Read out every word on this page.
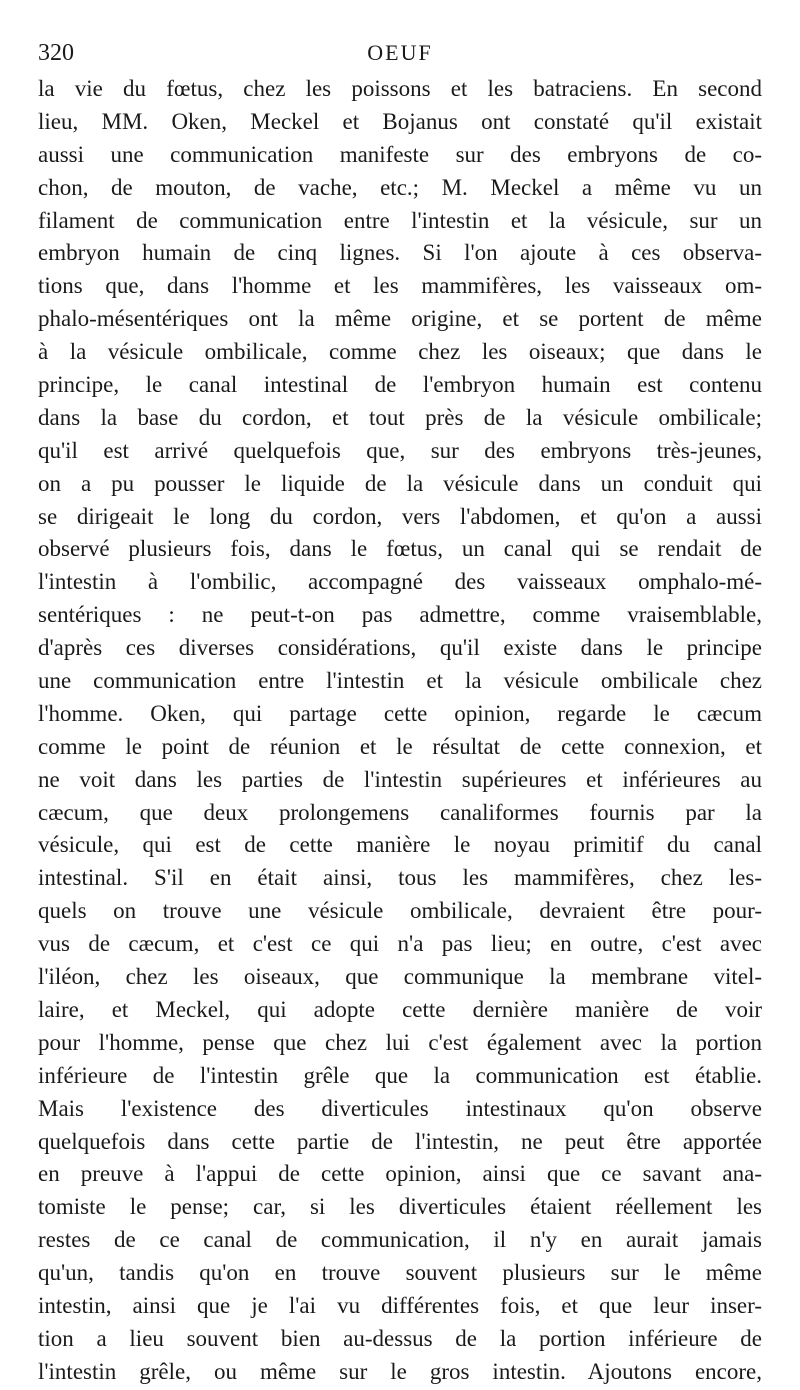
320	OEUF
la vie du fœtus, chez les poissons et les batraciens. En second
lieu, MM. Oken, Meckel et Bojanus ont constaté qu'il existait
aussi une communication manifeste sur des embryons de co-
chon, de mouton, de vache, etc.; M. Meckel a même vu un
filament de communication entre l'intestin et la vésicule, sur un
embryon humain de cinq lignes. Si l'on ajoute à ces observa-
tions que, dans l'homme et les mammifères, les vaisseaux om-
phalo-mésentériques ont la même origine, et se portent de même
à la vésicule ombilicale, comme chez les oiseaux; que dans le
principe, le canal intestinal de l'embryon humain est contenu
dans la base du cordon, et tout près de la vésicule ombilicale;
qu'il est arrivé quelquefois que, sur des embryons très-jeunes,
on a pu pousser le liquide de la vésicule dans un conduit qui
se dirigeait le long du cordon, vers l'abdomen, et qu'on a aussi
observé plusieurs fois, dans le fœtus, un canal qui se rendait de
l'intestin à l'ombilic, accompagné des vaisseaux omphalo-mé-
sentériques : ne peut-t-on pas admettre, comme vraisemblable,
d'après ces diverses considérations, qu'il existe dans le principe
une communication entre l'intestin et la vésicule ombilicale chez
l'homme. Oken, qui partage cette opinion, regarde le cæcum
comme le point de réunion et le résultat de cette connexion, et
ne voit dans les parties de l'intestin supérieures et inférieures au
cæcum, que deux prolongemens canaliformes fournis par la
vésicule, qui est de cette manière le noyau primitif du canal
intestinal. S'il en était ainsi, tous les mammifères, chez les-
quels on trouve une vésicule ombilicale, devraient être pour-
vus de cæcum, et c'est ce qui n'a pas lieu; en outre, c'est avec
l'iléon, chez les oiseaux, que communique la membrane vitel-
laire, et Meckel, qui adopte cette dernière manière de voir
pour l'homme, pense que chez lui c'est également avec la portion
inférieure de l'intestin grêle que la communication est établie.
Mais l'existence des diverticules intestinaux qu'on observe
quelquefois dans cette partie de l'intestin, ne peut être apportée
en preuve à l'appui de cette opinion, ainsi que ce savant ana-
tomiste le pense; car, si les diverticules étaient réellement les
restes de ce canal de communication, il n'y en aurait jamais
qu'un, tandis qu'on en trouve souvent plusieurs sur le même
intestin, ainsi que je l'ai vu différentes fois, et que leur inser-
tion a lieu souvent bien au-dessus de la portion inférieure de
l'intestin grêle, ou même sur le gros intestin. Ajoutons encore,
